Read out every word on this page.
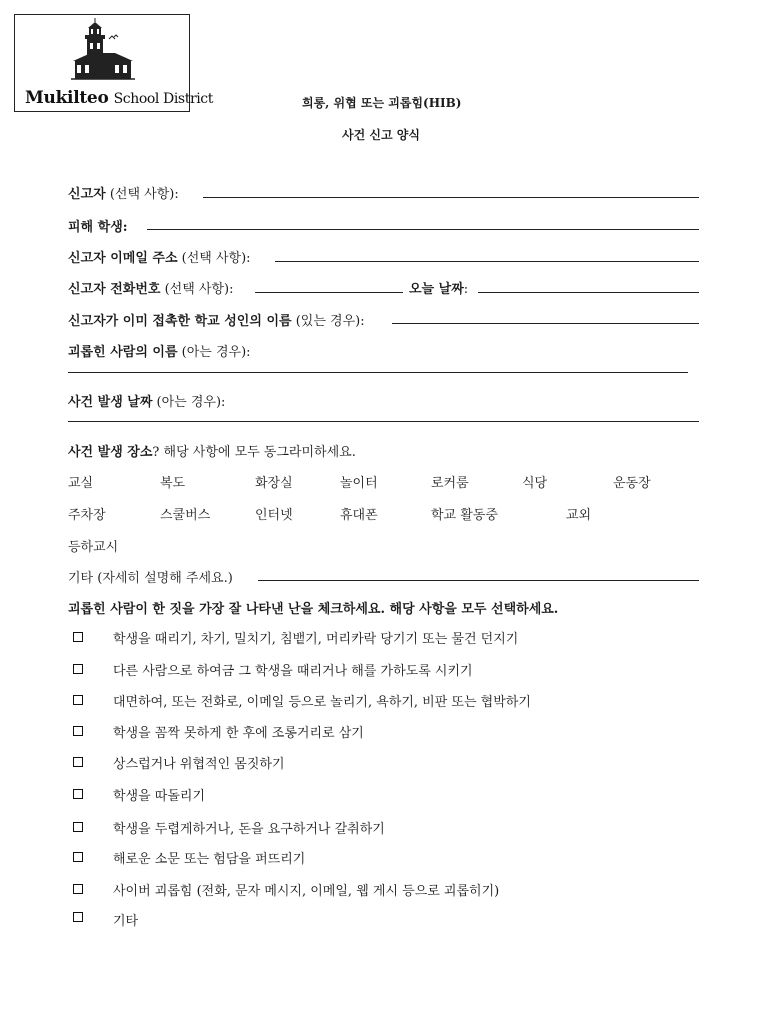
Mukilteo School District	희롱, 위협 또는 괴롭힘(HIB)
사건 신고 양식
신고자 (선택 사항):
피해 학생:
신고자 이메일 주소 (선택 사항):
신고자 전화번호 (선택 사항):	오늘 날짜:
신고자가 이미 접촉한 학교 성인의 이름 (있는 경우):
괴롭힌 사람의 이름 (아는 경우):
사건 발생 날짜 (아는 경우):
사건 발생 장소? 해당 사항에 모두 동그라미하세요.
교실	복도	화장실	놀이터	로커룸	식당	운동장
주차장	스쿨버스	인터넷	휴대폰	학교 활동중	교외
등하교시
기타 (자세히 설명해 주세요.)
괴롭힌 사람이 한 짓을 가장 잘 나타낸 난을 체크하세요. 해당 사항을 모두 선택하세요.
학생을 때리기, 차기, 밀치기, 침뱉기, 머리카락 당기기 또는 물건 던지기
다른 사람으로 하여금 그 학생을 때리거나 해를 가하도록 시키기
대면하여, 또는 전화로, 이메일 등으로 놀리기, 욕하기, 비판 또는 협박하기
학생을 꼼짝 못하게 한 후에 조롱거리로 삼기
상스럽거나 위협적인 몸짓하기
학생을 따돌리기
학생을 두렵게하거나, 돈을 요구하거나 갈취하기
해로운 소문 또는 험담을 퍼뜨리기
사이버 괴롭힘 (전화, 문자 메시지, 이메일, 웹 게시 등으로 괴롭히기)
기타
